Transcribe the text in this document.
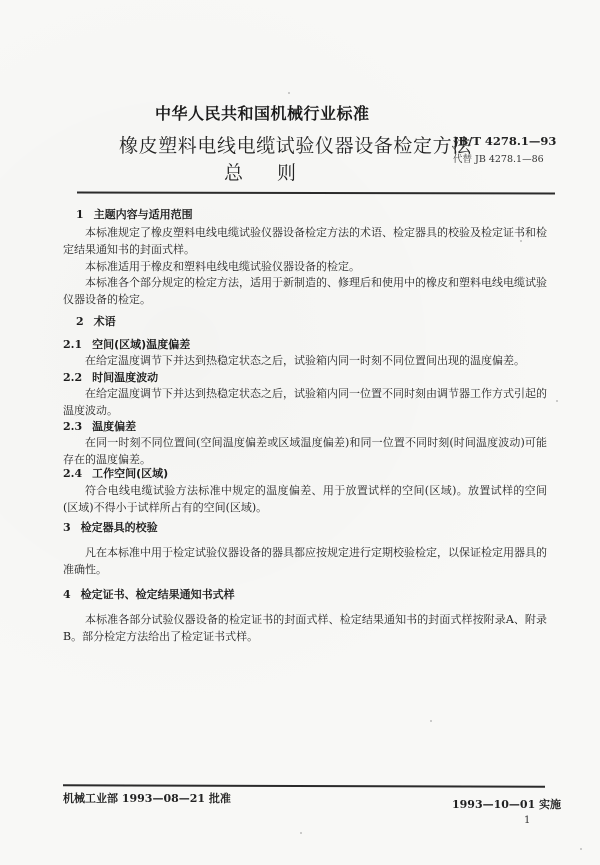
中华人民共和国机械行业标准
橡皮塑料电线电缆试验仪器设备检定方法
总 则
JB/T 4278.1—93
代替 JB 4278.1—86
1 主题内容与适用范围
本标准规定了橡皮塑料电线电缆试验仪器设备检定方法的术语、检定器具的校验及检定证书和检定结果通知书的封面式样。
本标准适用于橡皮和塑料电线电缆试验仪器设备的检定。
本标准各个部分规定的检定方法，适用于新制造的、修理后和使用中的橡皮和塑料电线电缆试验仪器设备的检定。
2 术语
2.1 空间(区域)温度偏差
在给定温度调节下并达到热稳定状态之后，试验箱内同一时刻不同位置间出现的温度偏差。
2.2 时间温度波动
在给定温度调节下并达到热稳定状态之后，试验箱内同一位置不同时刻由调节器工作方式引起的温度波动。
2.3 温度偏差
在同一时刻不同位置间(空间温度偏差或区域温度偏差)和同一位置不同时刻(时间温度波动)可能存在的温度偏差。
2.4 工作空间(区域)
符合电线电缆试验方法标准中规定的温度偏差、用于放置试样的空间(区域)。放置试样的空间(区域)不得小于试样所占有的空间(区域)。
3 检定器具的校验
凡在本标准中用于检定试验仪器设备的器具都应按规定进行定期校验检定，以保证检定用器具的准确性。
4 检定证书、检定结果通知书式样
本标准各部分试验仪器设备的检定证书的封面式样、检定结果通知书的封面式样按附录A、附录B。部分检定方法给出了检定证书式样。
机械工业部 1993—08—21 批准	1993—10—01 实施
1
